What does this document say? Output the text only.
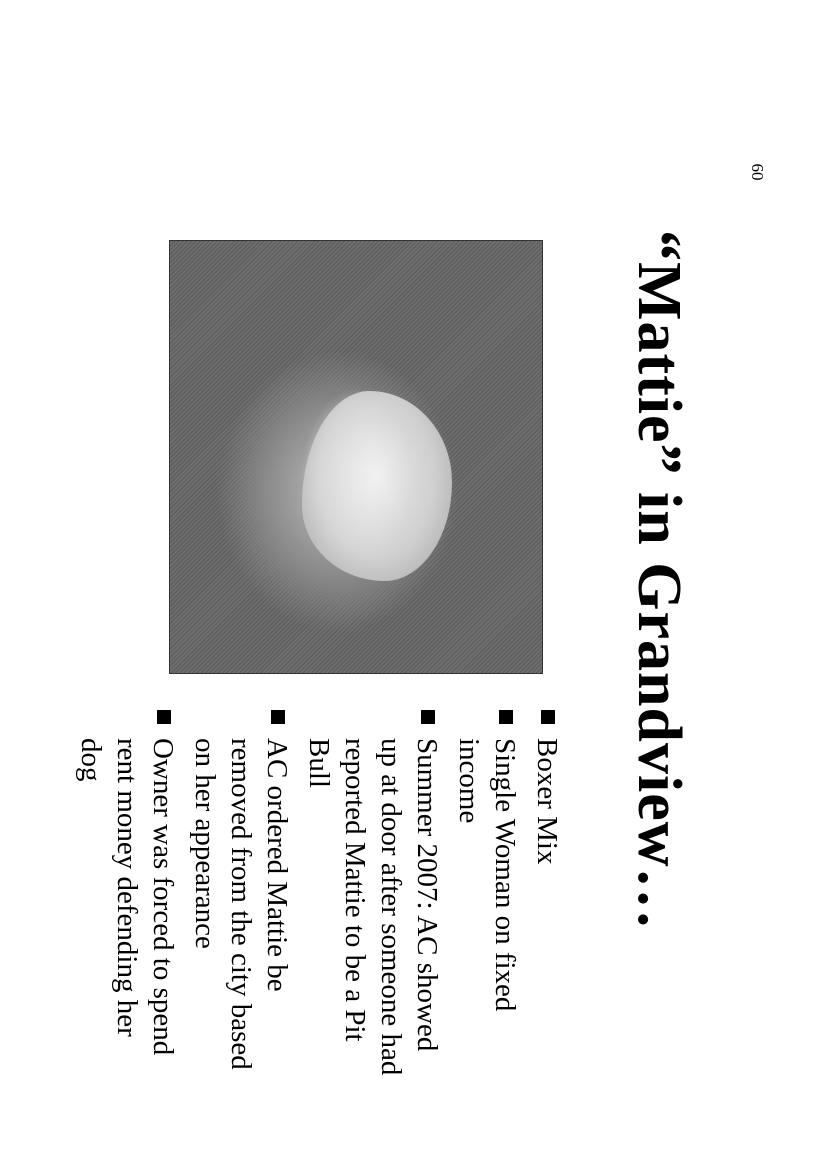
60
“Mattie” in Grandview…
Boxer Mix
Single Woman on fixed income
Summer 2007: AC showed up at door after someone had reported Mattie to be a Pit Bull
AC ordered Mattie be removed from the city based on her appearance
Owner was forced to spend rent money defending her dog
